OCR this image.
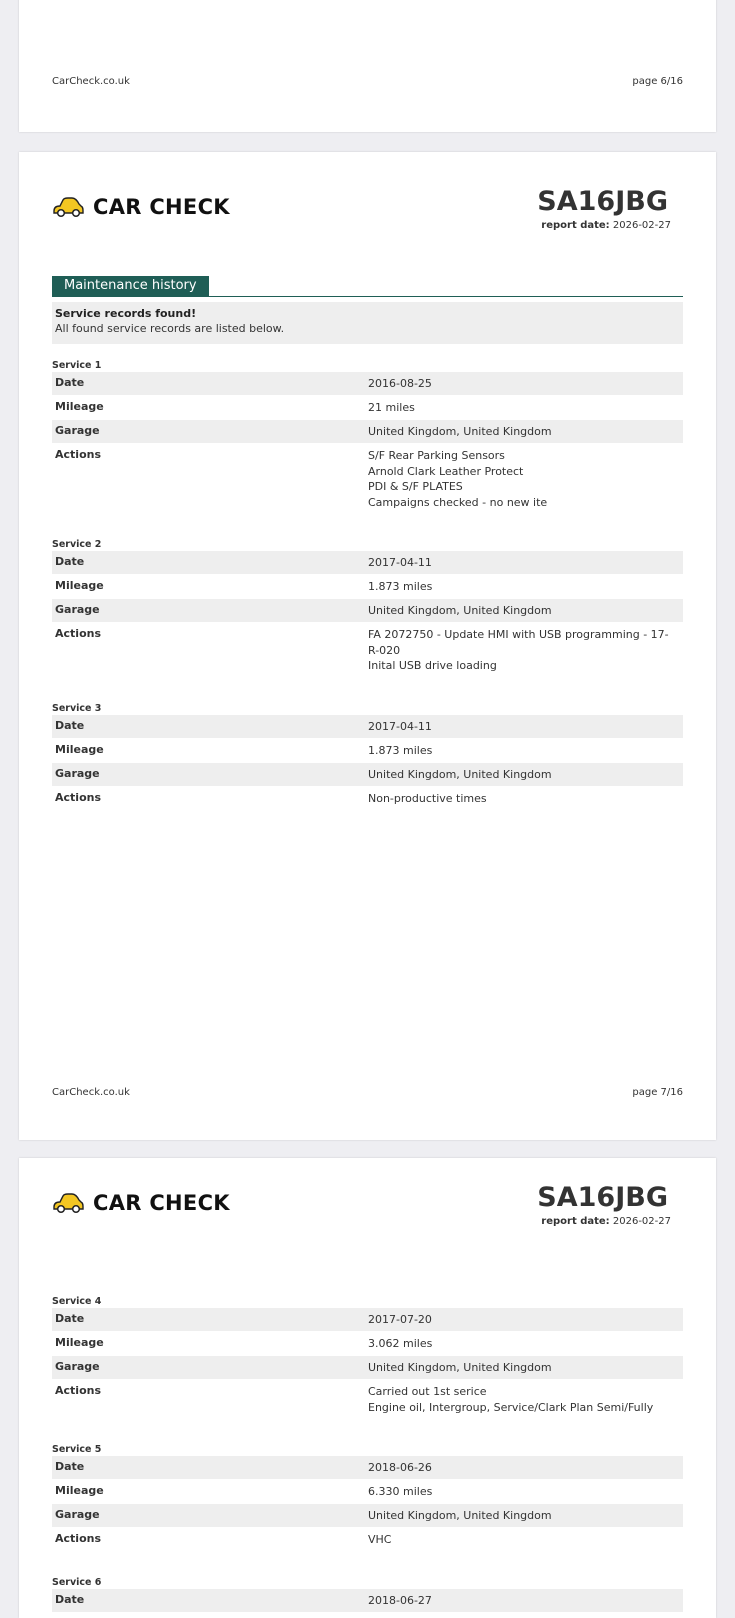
CarCheck.co.uk	page 6/16
CAR CHECK	SA16JBG
report date: 2026-02-27
Maintenance history
Service records found!
All found service records are listed below.
Service 1
Date	2016-08-25
Mileage	21 miles
Garage	United Kingdom, United Kingdom
Actions	S/F Rear Parking Sensors
Arnold Clark Leather Protect
PDI & S/F PLATES
Campaigns checked - no new ite
Service 2
Date	2017-04-11
Mileage	1.873 miles
Garage	United Kingdom, United Kingdom
Actions	FA 2072750 - Update HMI with USB programming - 17-R-020
Inital USB drive loading
Service 3
Date	2017-04-11
Mileage	1.873 miles
Garage	United Kingdom, United Kingdom
Actions	Non-productive times
CarCheck.co.uk	page 7/16
CAR CHECK	SA16JBG
report date: 2026-02-27
Service 4
Date	2017-07-20
Mileage	3.062 miles
Garage	United Kingdom, United Kingdom
Actions	Carried out 1st serice
Engine oil, Intergroup, Service/Clark Plan Semi/Fully
Service 5
Date	2018-06-26
Mileage	6.330 miles
Garage	United Kingdom, United Kingdom
Actions	VHC
Service 6
Date	2018-06-27
